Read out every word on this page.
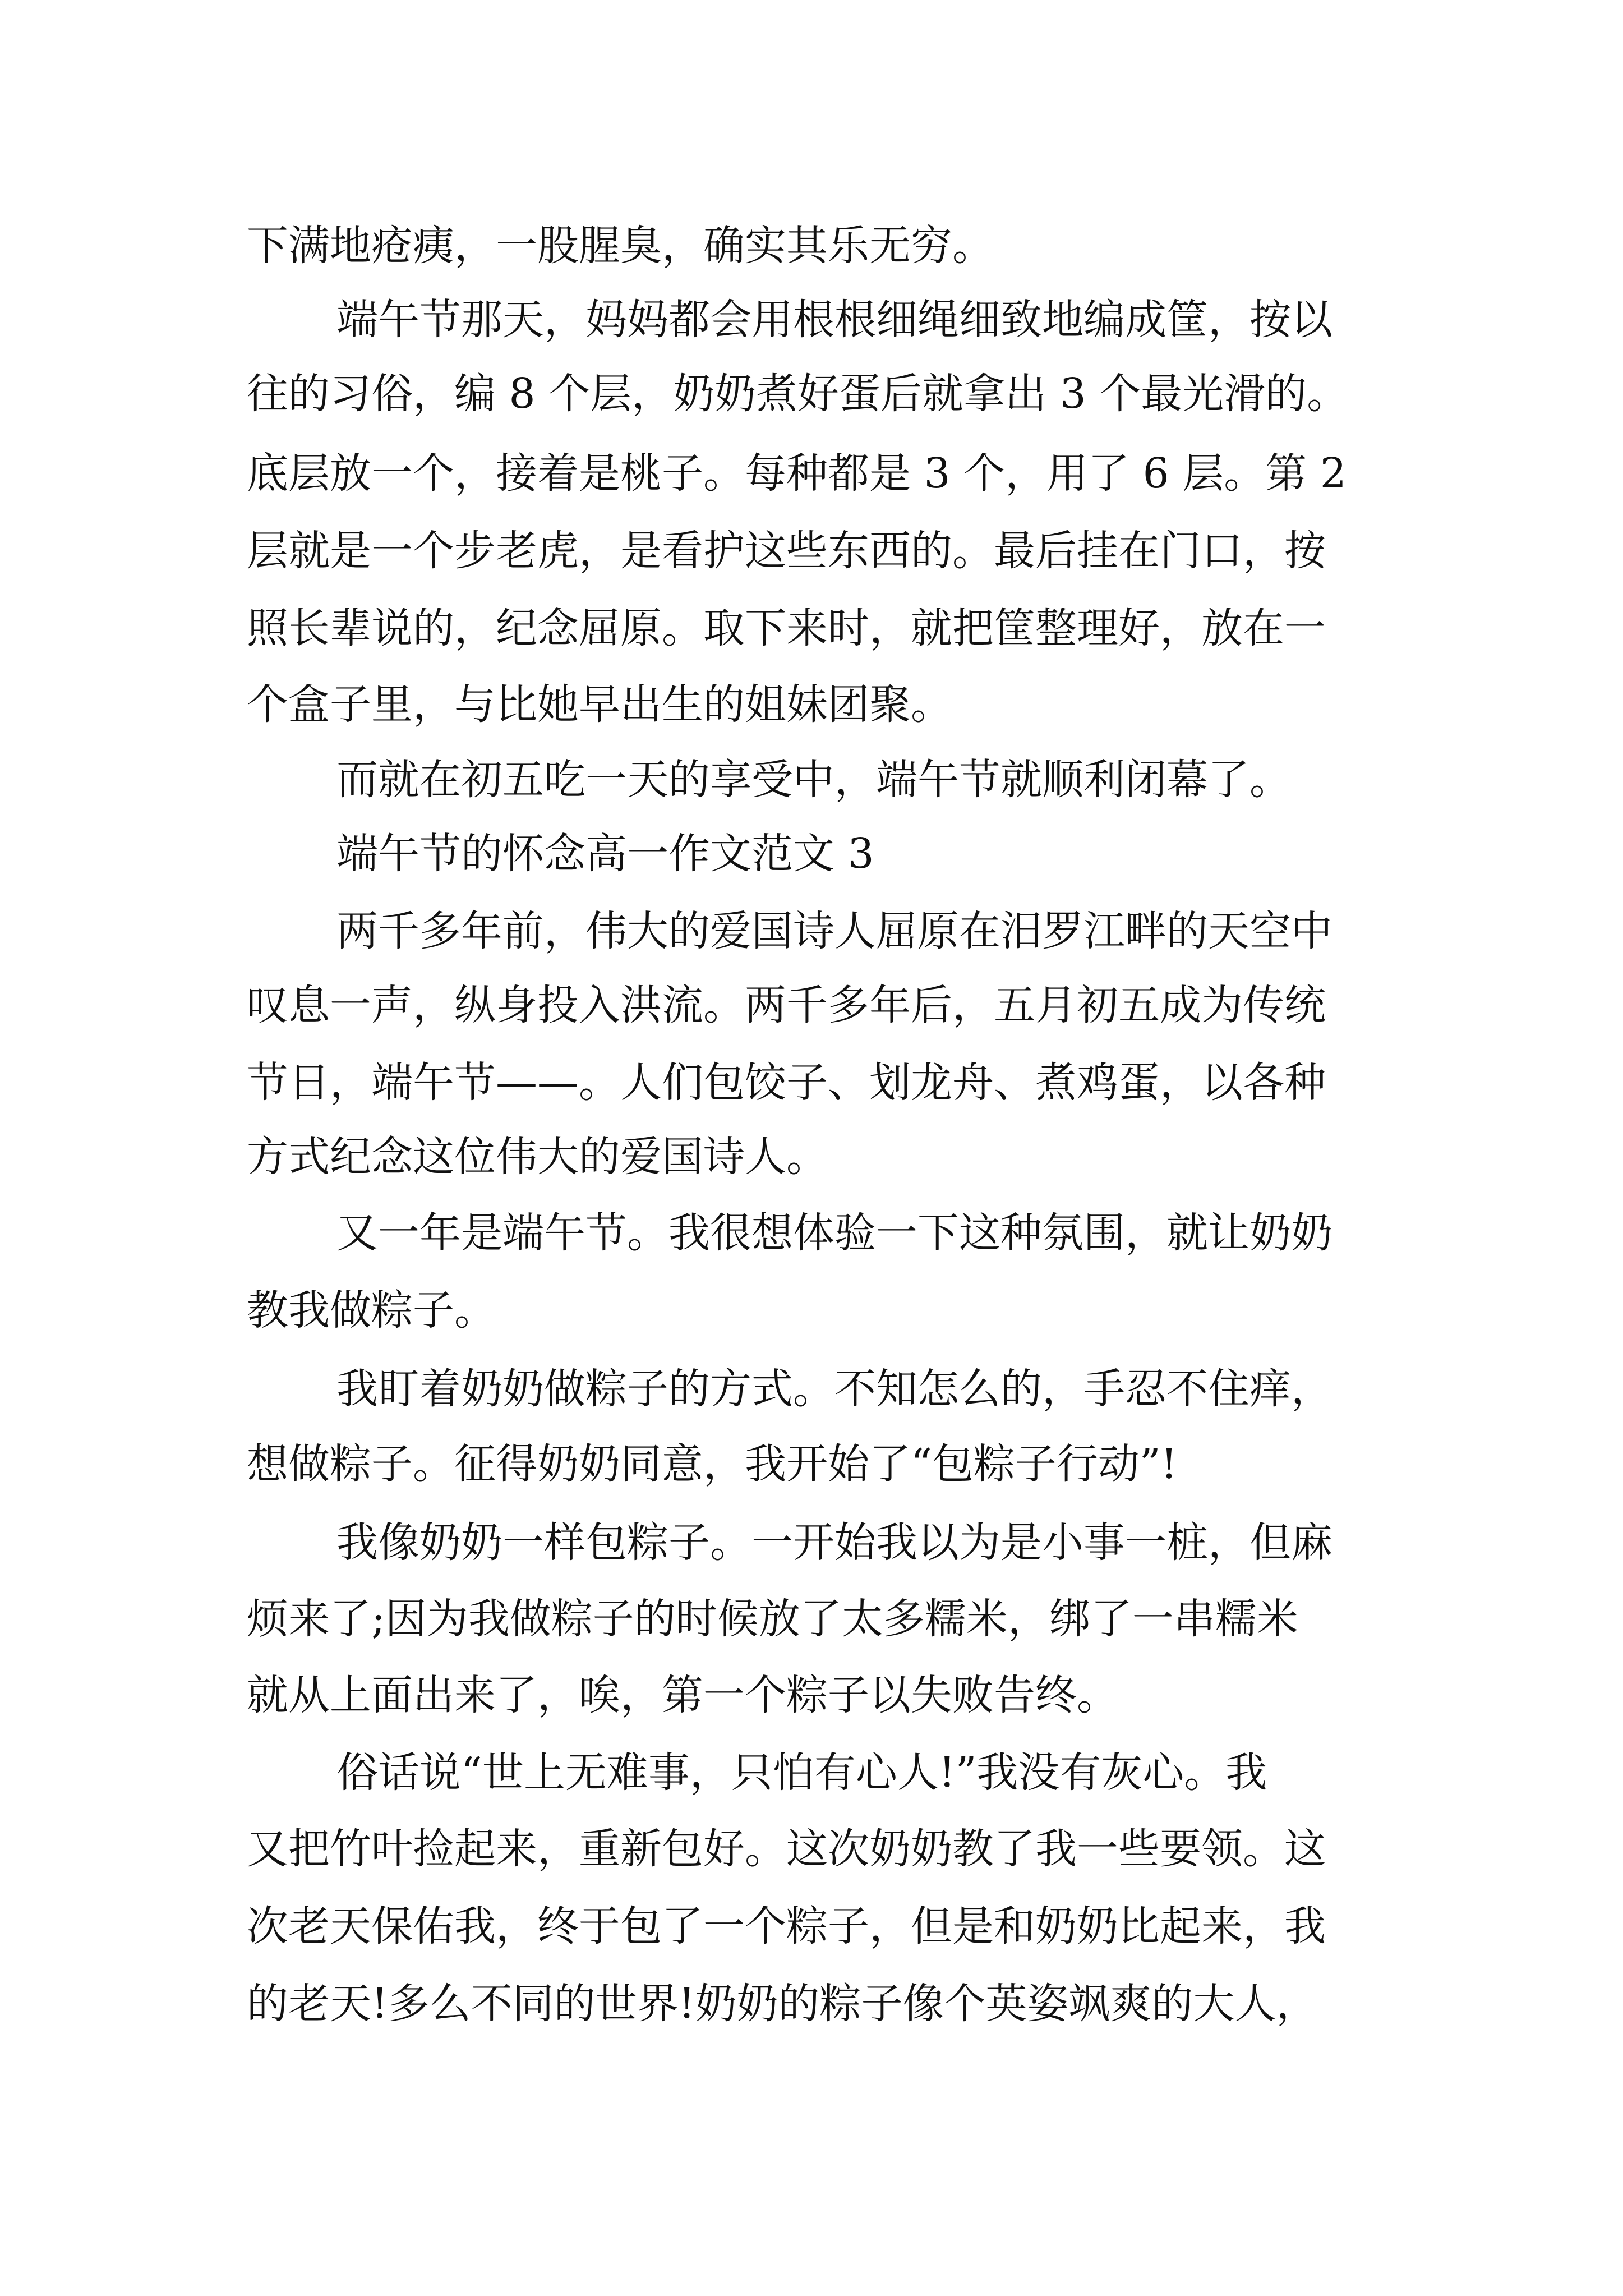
下满地疮痍，一股腥臭，确实其乐无穷。
端午节那天，妈妈都会用根根细绳细致地编成筐，按以
往的习俗，编 8 个层，奶奶煮好蛋后就拿出 3 个最光滑的。
底层放一个，接着是桃子。每种都是 3 个，用了 6 层。第 2
层就是一个步老虎，是看护这些东西的。最后挂在门口，按
照长辈说的，纪念屈原。取下来时，就把筐整理好，放在一
个盒子里，与比她早出生的姐妹团聚。
而就在初五吃一天的享受中，端午节就顺利闭幕了。
端午节的怀念高一作文范文 3
两千多年前，伟大的爱国诗人屈原在汨罗江畔的天空中
叹息一声，纵身投入洪流。两千多年后，五月初五成为传统
节日，端午节——。人们包饺子、划龙舟、煮鸡蛋，以各种
方式纪念这位伟大的爱国诗人。
又一年是端午节。我很想体验一下这种氛围，就让奶奶
教我做粽子。
我盯着奶奶做粽子的方式。不知怎么的，手忍不住痒，
想做粽子。征得奶奶同意，我开始了“包粽子行动”!
我像奶奶一样包粽子。一开始我以为是小事一桩，但麻
烦来了;因为我做粽子的时候放了太多糯米，绑了一串糯米
就从上面出来了，唉，第一个粽子以失败告终。
俗话说“世上无难事，只怕有心人!”我没有灰心。我
又把竹叶捡起来，重新包好。这次奶奶教了我一些要领。这
次老天保佑我，终于包了一个粽子，但是和奶奶比起来，我
的老天!多么不同的世界!奶奶的粽子像个英姿飒爽的大人，
